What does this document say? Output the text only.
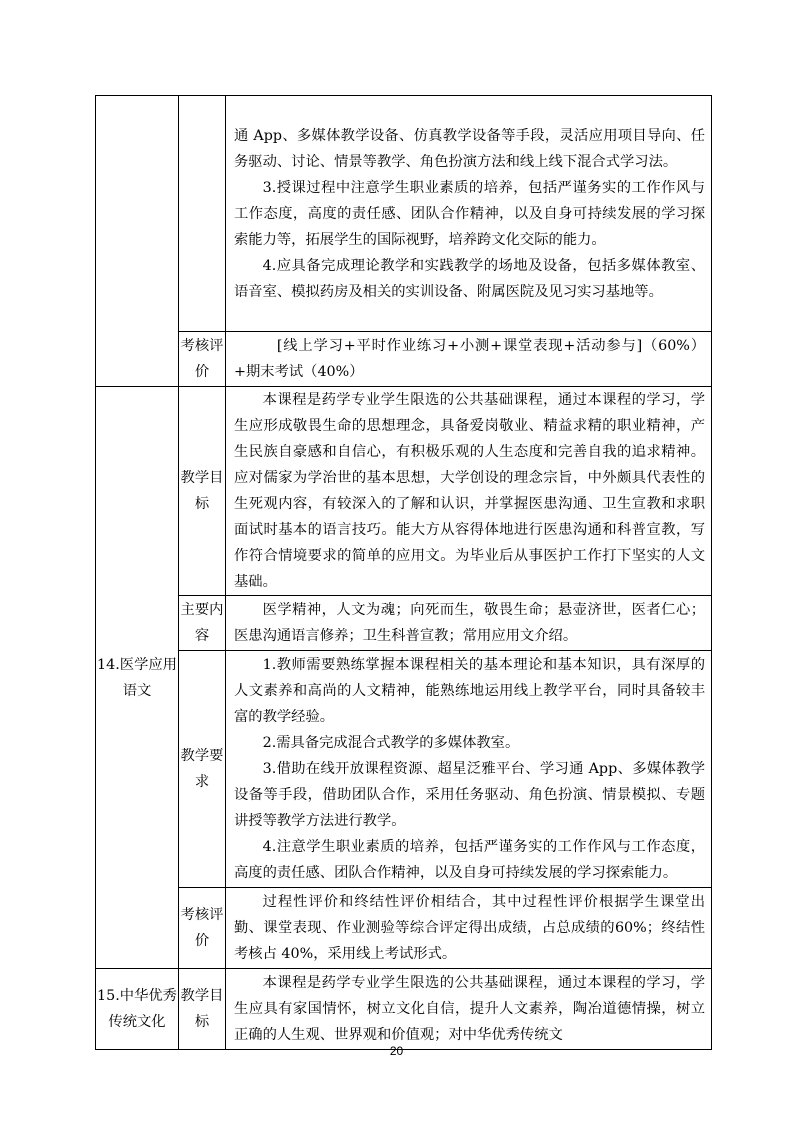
		通 App、多媒体教学设备、仿真教学设备等手段，灵活应用项目导向、任务驱动、讨论、情景等教学、角色扮演方法和线上线下混合式学习法。

3.授课过程中注意学生职业素质的培养，包括严谨务实的工作作风与工作态度，高度的责任感、团队合作精神，以及自身可持续发展的学习探索能力等，拓展学生的国际视野，培养跨文化交际的能力。

4.应具备完成理论教学和实践教学的场地及设备，包括多媒体教室、语音室、模拟药房及相关的实训设备、附属医院及见习实习基地等。

	考核评价	[线上学习+平时作业练习+小测+课堂表现+活动参与]（60%）+期末考试（40%）

14.医学应用语文	教学目标	本课程是药学专业学生限选的公共基础课程，通过本课程的学习，学生应形成敬畏生命的思想理念，具备爱岗敬业、精益求精的职业精神，产生民族自豪感和自信心，有积极乐观的人生态度和完善自我的追求精神。应对儒家为学治世的基本思想，大学创设的理念宗旨，中外颇具代表性的生死观内容，有较深入的了解和认识，并掌握医患沟通、卫生宣教和求职面试时基本的语言技巧。能大方从容得体地进行医患沟通和科普宣教，写作符合情境要求的简单的应用文。为毕业后从事医护工作打下坚实的人文基础。

	主要内容	医学精神，人文为魂；向死而生，敬畏生命；悬壶济世，医者仁心；医患沟通语言修养；卫生科普宣教；常用应用文介绍。

	教学要求	1.教师需要熟练掌握本课程相关的基本理论和基本知识，具有深厚的人文素养和高尚的人文精神，能熟练地运用线上教学平台，同时具备较丰富的教学经验。

2.需具备完成混合式教学的多媒体教室。

3.借助在线开放课程资源、超星泛雅平台、学习通 App、多媒体教学设备等手段，借助团队合作，采用任务驱动、角色扮演、情景模拟、专题讲授等教学方法进行教学。

4.注意学生职业素质的培养，包括严谨务实的工作作风与工作态度，高度的责任感、团队合作精神，以及自身可持续发展的学习探索能力。

	考核评价	过程性评价和终结性评价相结合，其中过程性评价根据学生课堂出勤、课堂表现、作业测验等综合评定得出成绩，占总成绩的60%；终结性考核占 40%，采用线上考试形式。

15.中华优秀传统文化	教学目标	本课程是药学专业学生限选的公共基础课程，通过本课程的学习，学生应具有家国情怀，树立文化自信，提升人文素养，陶冶道德情操，树立正确的人生观、世界观和价值观；对中华优秀传统文

20
